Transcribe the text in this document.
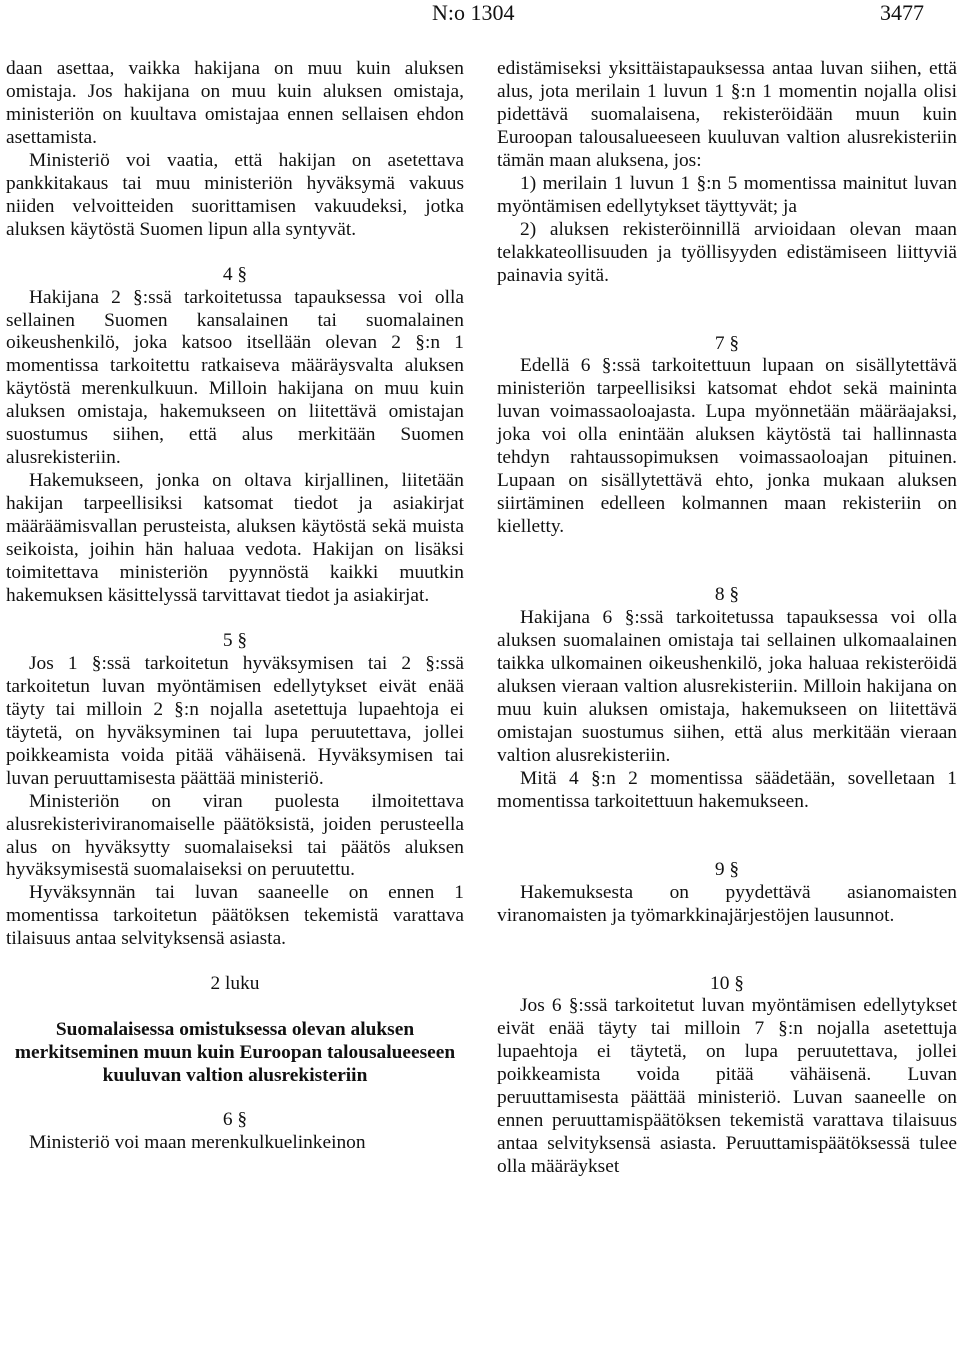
N:o 1304	3477

daan asettaa, vaikka hakijana on muu kuin aluksen omistaja. Jos hakijana on muu kuin aluksen omistaja, ministeriön on kuultava omistajaa ennen sellaisen ehdon asettamista.

Ministeriö voi vaatia, että hakijan on asetettava pankkitakaus tai muu ministeriön hyväksymä vakuus niiden velvoitteiden suorittamisen vakuudeksi, jotka aluksen käytöstä Suomen lipun alla syntyvät.

4 §

Hakijana 2 §:ssä tarkoitetussa tapauksessa voi olla sellainen Suomen kansalainen tai suomalainen oikeushenkilö, joka katsoo itsellään olevan 2 §:n 1 momentissa tarkoitettu ratkaiseva määräysvalta aluksen käytöstä merenkulkuun. Milloin hakijana on muu kuin aluksen omistaja, hakemukseen on liitettävä omistajan suostumus siihen, että alus merkitään Suomen alusrekisteriin.

Hakemukseen, jonka on oltava kirjallinen, liitetään hakijan tarpeellisiksi katsomat tiedot ja asiakirjat määräämisvallan perusteista, aluksen käytöstä sekä muista seikoista, joihin hän haluaa vedota. Hakijan on lisäksi toimitettava ministeriön pyynnöstä kaikki muutkin hakemuksen käsittelyssä tarvittavat tiedot ja asiakirjat.

5 §

Jos 1 §:ssä tarkoitetun hyväksymisen tai 2 §:ssä tarkoitetun luvan myöntämisen edellytykset eivät enää täyty tai milloin 2 §:n nojalla asetettuja lupaehtoja ei täytetä, on hyväksyminen tai lupa peruutettava, jollei poikkeamista voida pitää vähäisenä. Hyväksymisen tai luvan peruuttamisesta päättää ministeriö.

Ministeriön on viran puolesta ilmoitettava alusrekisteriviranomaiselle päätöksistä, joiden perusteella alus on hyväksytty suomalaiseksi tai päätös aluksen hyväksymisestä suomalaiseksi on peruutettu.

Hyväksynnän tai luvan saaneelle on ennen 1 momentissa tarkoitetun päätöksen tekemistä varattava tilaisuus antaa selvityksensä asiasta.

2 luku

Suomalaisessa omistuksessa olevan aluksen merkitseminen muun kuin Euroopan talousalueeseen kuuluvan valtion alusrekisteriin

6 §

Ministeriö voi maan merenkulkuelinkeinon

edistämiseksi yksittäistapauksessa antaa luvan siihen, että alus, jota merilain 1 luvun 1 §:n 1 momentin nojalla olisi pidettävä suomalaisena, rekisteröidään muun kuin Euroopan talousalueeseen kuuluvan valtion alusrekisteriin tämän maan aluksena, jos:

1) merilain 1 luvun 1 §:n 5 momentissa mainitut luvan myöntämisen edellytykset täyttyvät; ja

2) aluksen rekisteröinnillä arvioidaan olevan maan telakkateollisuuden ja työllisyyden edistämiseen liittyviä painavia syitä.

7 §

Edellä 6 §:ssä tarkoitettuun lupaan on sisällytettävä ministeriön tarpeellisiksi katsomat ehdot sekä maininta luvan voimassaoloajasta. Lupa myönnetään määräajaksi, joka voi olla enintään aluksen käytöstä tai hallinnasta tehdyn rahtaussopimuksen voimassaoloajan pituinen. Lupaan on sisällytettävä ehto, jonka mukaan aluksen siirtäminen edelleen kolmannen maan rekisteriin on kielletty.

8 §

Hakijana 6 §:ssä tarkoitetussa tapauksessa voi olla aluksen suomalainen omistaja tai sellainen ulkomaalainen taikka ulkomainen oikeushenkilö, joka haluaa rekisteröidä aluksen vieraan valtion alusrekisteriin. Milloin hakijana on muu kuin aluksen omistaja, hakemukseen on liitettävä omistajan suostumus siihen, että alus merkitään vieraan valtion alusrekisteriin.

Mitä 4 §:n 2 momentissa säädetään, sovelletaan 1 momentissa tarkoitettuun hakemukseen.

9 §

Hakemuksesta on pyydettävä asianomaisten viranomaisten ja työmarkkinajärjestöjen lausunnot.

10 §

Jos 6 §:ssä tarkoitetut luvan myöntämisen edellytykset eivät enää täyty tai milloin 7 §:n nojalla asetettuja lupaehtoja ei täytetä, on lupa peruutettava, jollei poikkeamista voida pitää vähäisenä. Luvan peruuttamisesta päättää ministeriö. Luvan saaneelle on ennen peruuttamispäätöksen tekemistä varattava tilaisuus antaa selvityksensä asiasta. Peruuttamispäätöksessä tulee olla määräykset
